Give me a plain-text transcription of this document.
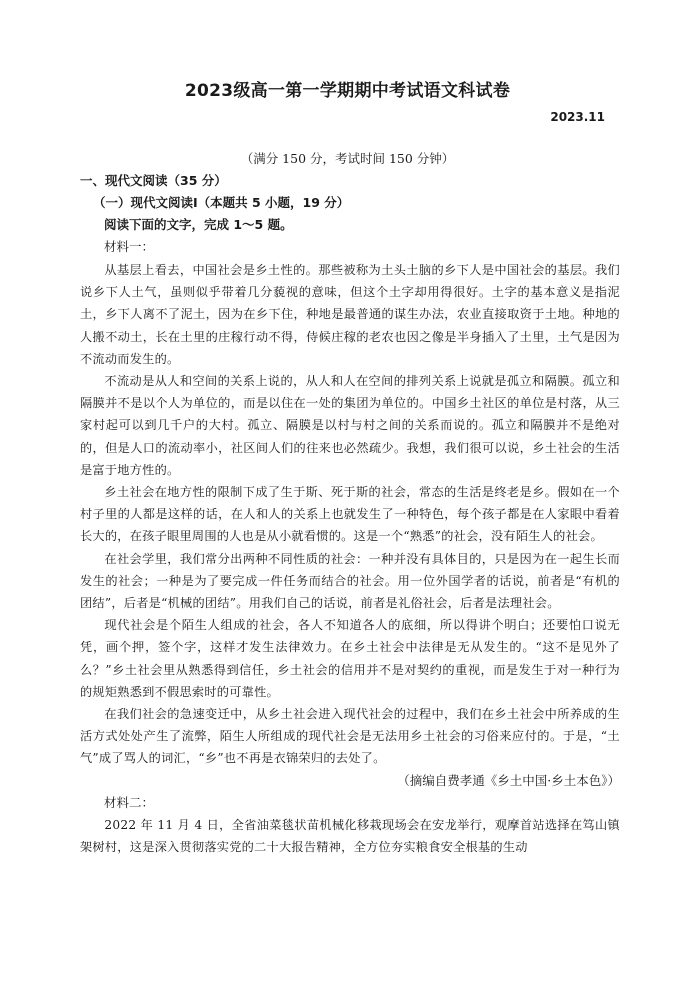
2023级高一第一学期期中考试语文科试卷
2023.11
（满分 150 分，考试时间 150 分钟）
一、现代文阅读（35 分）
（一）现代文阅读Ⅰ（本题共 5 小题，19 分）
阅读下面的文字，完成 1～5 题。
材料一：

从基层上看去，中国社会是乡土性的。那些被称为土头土脑的乡下人是中国社会的基层。我们说乡下人土气，虽则似乎带着几分藐视的意味，但这个土字却用得很好。土字的基本意义是指泥土，乡下人离不了泥土，因为在乡下住，种地是最普通的谋生办法，农业直接取资于土地。种地的人搬不动土，长在土里的庄稼行动不得，侍候庄稼的老农也因之像是半身插入了土里，土气是因为不流动而发生的。

不流动是从人和空间的关系上说的，从人和人在空间的排列关系上说就是孤立和隔膜。孤立和隔膜并不是以个人为单位的，而是以住在一处的集团为单位的。中国乡土社区的单位是村落，从三家村起可以到几千户的大村。孤立、隔膜是以村与村之间的关系而说的。孤立和隔膜并不是绝对的，但是人口的流动率小，社区间人们的往来也必然疏少。我想，我们很可以说，乡土社会的生活是富于地方性的。

乡土社会在地方性的限制下成了生于斯、死于斯的社会，常态的生活是终老是乡。假如在一个村子里的人都是这样的话，在人和人的关系上也就发生了一种特色，每个孩子都是在人家眼中看着长大的，在孩子眼里周围的人也是从小就看惯的。这是一个“熟悉”的社会，没有陌生人的社会。

在社会学里，我们常分出两种不同性质的社会：一种并没有具体目的，只是因为在一起生长而发生的社会；一种是为了要完成一件任务而结合的社会。用一位外国学者的话说，前者是“有机的团结”，后者是“机械的团结”。用我们自己的话说，前者是礼俗社会，后者是法理社会。

现代社会是个陌生人组成的社会，各人不知道各人的底细，所以得讲个明白；还要怕口说无凭，画个押，签个字，这样才发生法律效力。在乡土社会中法律是无从发生的。“这不是见外了么？”乡土社会里从熟悉得到信任，乡土社会的信用并不是对契约的重视，而是发生于对一种行为的规矩熟悉到不假思索时的可靠性。

在我们社会的急速变迁中，从乡土社会进入现代社会的过程中，我们在乡土社会中所养成的生活方式处处产生了流弊，陌生人所组成的现代社会是无法用乡土社会的习俗来应付的。于是，“土气”成了骂人的词汇，“乡”也不再是衣锦荣归的去处了。

（摘编自费孝通《乡土中国·乡土本色》）

材料二：

2022 年 11 月 4 日，全省油菜毯状苗机械化移栽现场会在安龙举行，观摩首站选择在笃山镇架树村，这是深入贯彻落实党的二十大报告精神，全方位夯实粮食安全根基的生动
